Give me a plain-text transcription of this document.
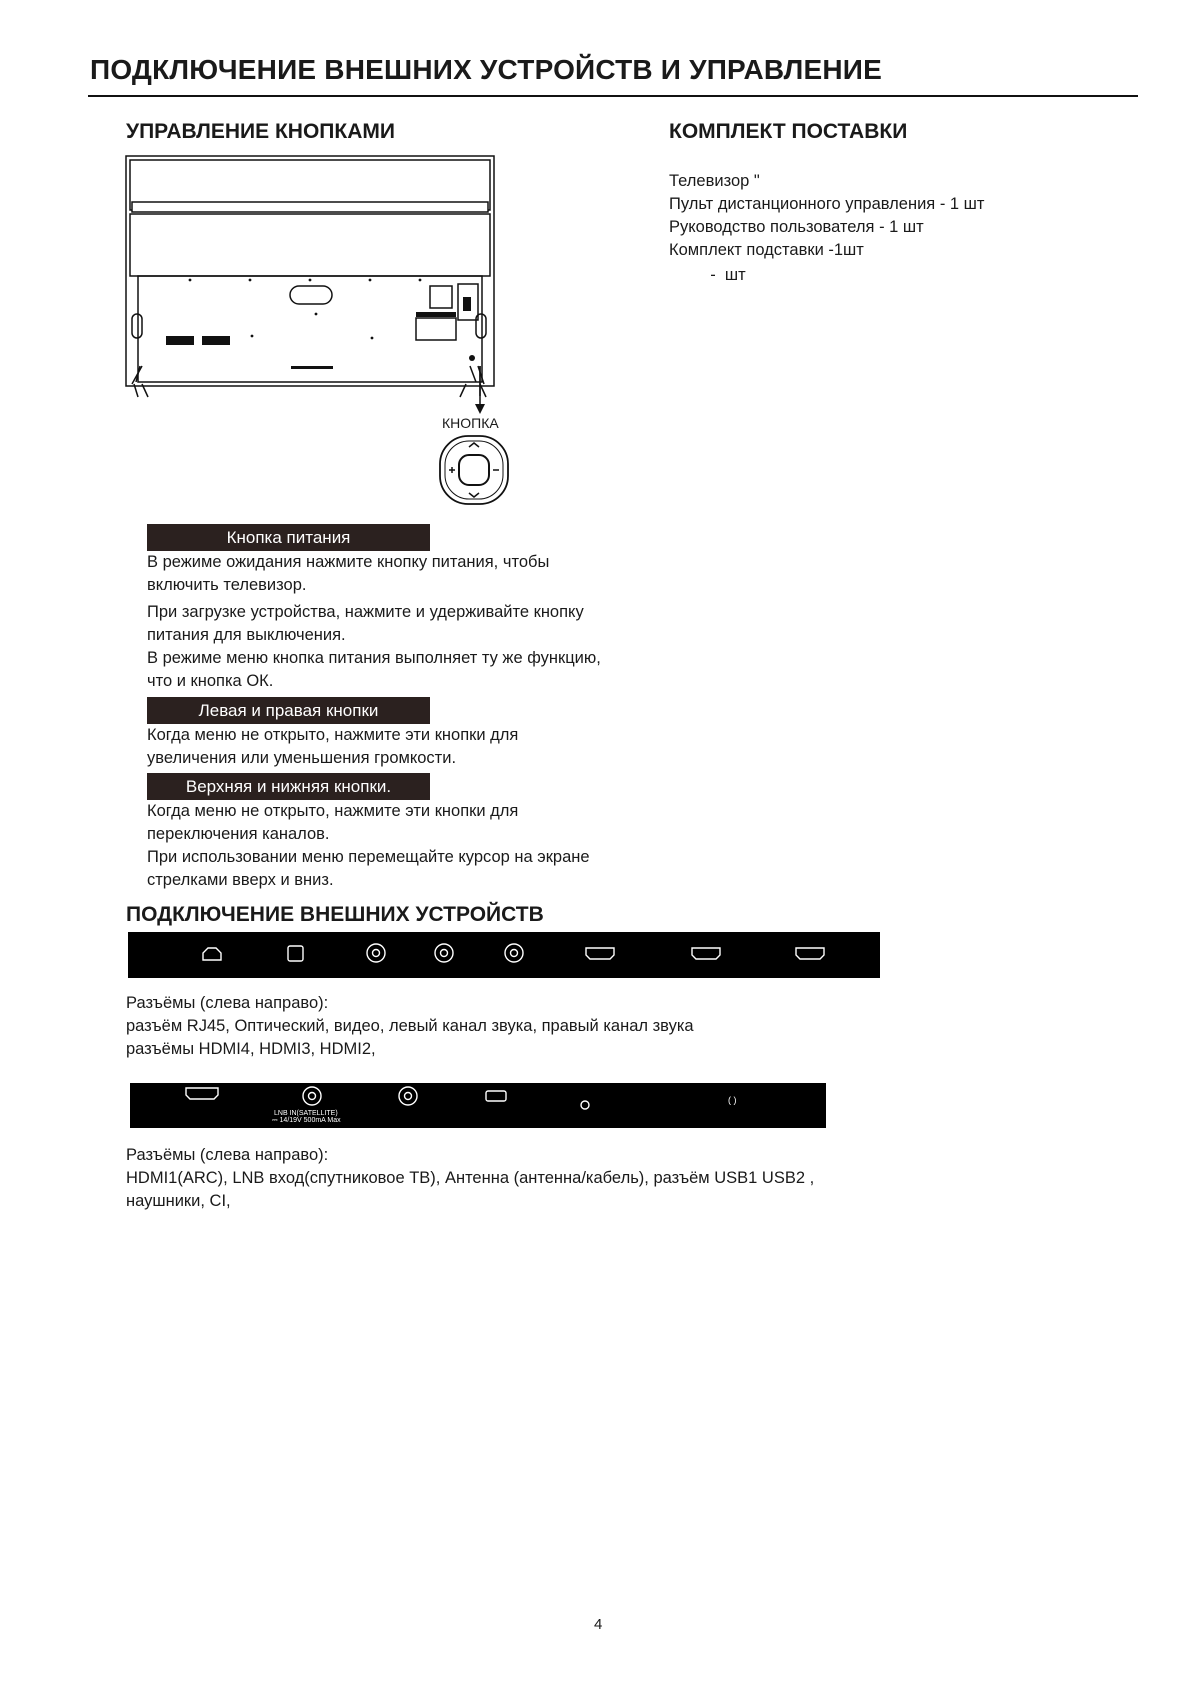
ПОДКЛЮЧЕНИЕ ВНЕШНИХ УСТРОЙСТВ И УПРАВЛЕНИЕ
УПРАВЛЕНИЕ КНОПКАМИ	КОМПЛЕКТ ПОСТАВКИ
Телевизор "
Пульт дистанционного управления - 1 шт
Руководство пользователя - 1 шт
Комплект подставки -1шт
-  шт
КНОПКА
Кнопка питания
В режиме ожидания нажмите кнопку питания, чтобы
включить телевизор.
При загрузке устройства, нажмите и удерживайте кнопку
питания для выключения.
В режиме меню кнопка питания выполняет ту же функцию,
что и кнопка ОК.
Левая и правая кнопки
Когда меню не открыто, нажмите эти кнопки для
увеличения или уменьшения громкости.
Верхняя и нижняя кнопки.
Когда меню не открыто, нажмите эти кнопки для
переключения каналов.
При использовании меню перемещайте курсор на экране
стрелками вверх и вниз.
ПОДКЛЮЧЕНИЕ ВНЕШНИХ УСТРОЙСТВ
Разъёмы (слева направо):
разъём RJ45, Оптический, видео, левый канал звука, правый канал звука
разъёмы HDMI4, HDMI3, HDMI2,
LNB IN(SATELLITE)
⎓ 14/19V 500mA Max
( )
Разъёмы (слева направо):
HDMI1(ARC), LNB вход(спутниковое ТВ), Антенна (антенна/кабель), разъём USB1 USB2 ,
наушники, CI,
4
